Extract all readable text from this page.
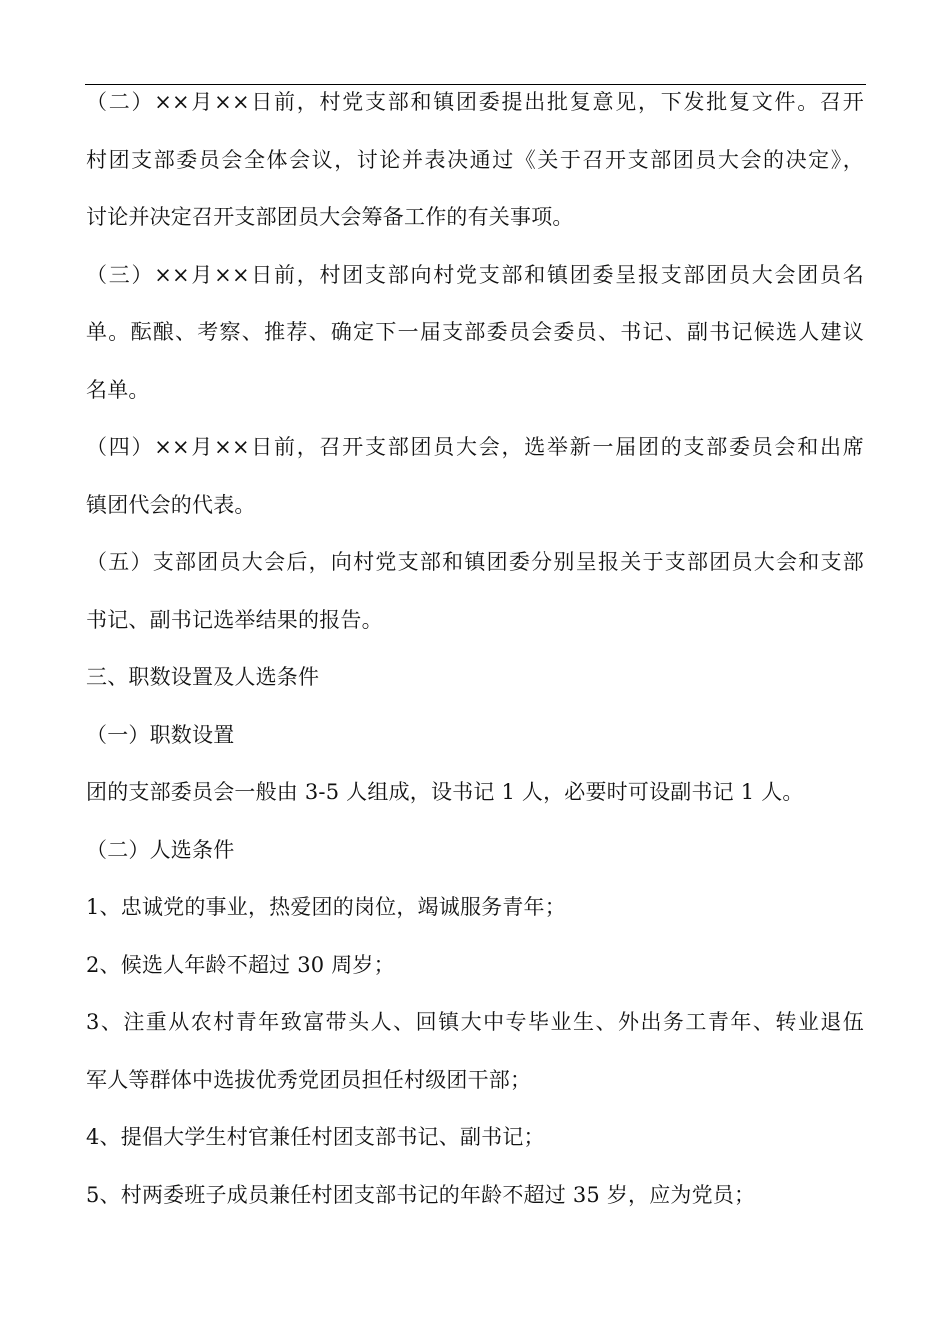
（二）××月××日前，村党支部和镇团委提出批复意见，下发批复文件。召开
村团支部委员会全体会议，讨论并表决通过《关于召开支部团员大会的决定》，
讨论并决定召开支部团员大会筹备工作的有关事项。
（三）××月××日前，村团支部向村党支部和镇团委呈报支部团员大会团员名
单。酝酿、考察、推荐、确定下一届支部委员会委员、书记、副书记候选人建议
名单。
（四）××月××日前，召开支部团员大会，选举新一届团的支部委员会和出席
镇团代会的代表。
（五）支部团员大会后，向村党支部和镇团委分别呈报关于支部团员大会和支部
书记、副书记选举结果的报告。
三、职数设置及人选条件
（一）职数设置
团的支部委员会一般由 3-5 人组成，设书记 1 人，必要时可设副书记 1 人。
（二）人选条件
1、忠诚党的事业，热爱团的岗位，竭诚服务青年；
2、候选人年龄不超过 30 周岁；
3、注重从农村青年致富带头人、回镇大中专毕业生、外出务工青年、转业退伍
军人等群体中选拔优秀党团员担任村级团干部；
4、提倡大学生村官兼任村团支部书记、副书记；
5、村两委班子成员兼任村团支部书记的年龄不超过 35 岁，应为党员；
